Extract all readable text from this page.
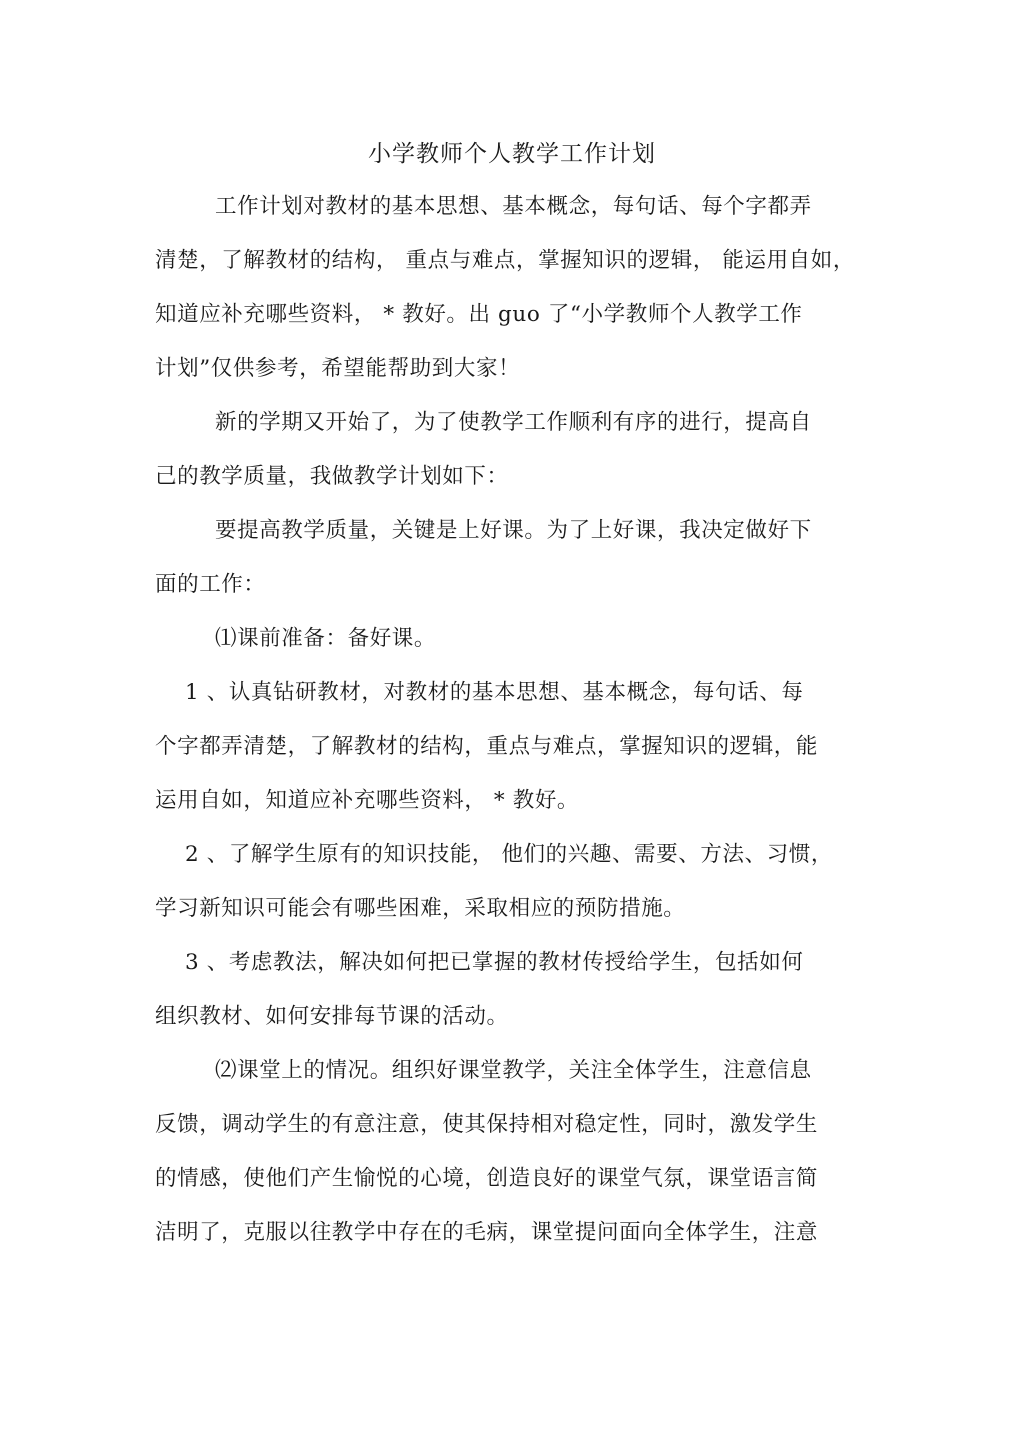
小学教师个人教学工作计划
工作计划对教材的基本思想、基本概念，每句话、每个字都弄
清楚，了解教材的结构， 重点与难点，掌握知识的逻辑， 能运用自如，
知道应补充哪些资料， * 教好。出 guo 了“小学教师个人教学工作
计划”仅供参考，希望能帮助到大家！
新的学期又开始了，为了使教学工作顺利有序的进行，提高自
己的教学质量，我做教学计划如下：
要提高教学质量，关键是上好课。为了上好课，我决定做好下
面的工作：
⑴课前准备：备好课。
1 、认真钻研教材，对教材的基本思想、基本概念，每句话、每
个字都弄清楚，了解教材的结构，重点与难点，掌握知识的逻辑，能
运用自如，知道应补充哪些资料， * 教好。
2 、了解学生原有的知识技能， 他们的兴趣、需要、方法、习惯，
学习新知识可能会有哪些困难，采取相应的预防措施。
3 、考虑教法，解决如何把已掌握的教材传授给学生，包括如何
组织教材、如何安排每节课的活动。
⑵课堂上的情况。组织好课堂教学，关注全体学生，注意信息
反馈，调动学生的有意注意，使其保持相对稳定性，同时，激发学生
的情感，使他们产生愉悦的心境，创造良好的课堂气氛，课堂语言简
洁明了，克服以往教学中存在的毛病，课堂提问面向全体学生，注意
